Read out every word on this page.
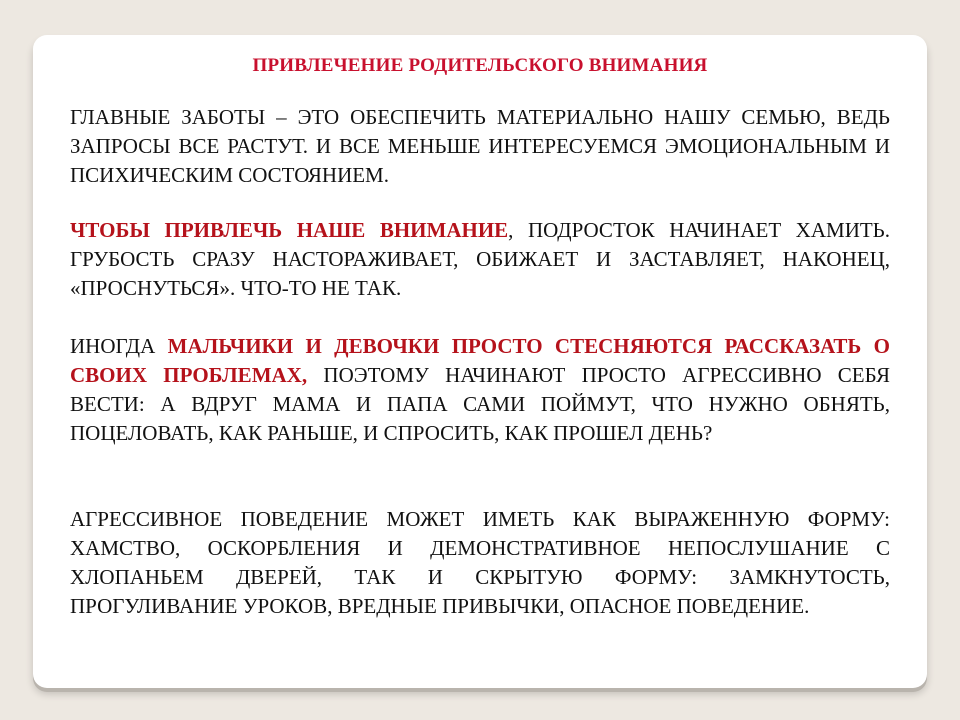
ПРИВЛЕЧЕНИЕ РОДИТЕЛЬСКОГО ВНИМАНИЯ
ГЛАВНЫЕ ЗАБОТЫ – ЭТО ОБЕСПЕЧИТЬ МАТЕРИАЛЬНО НАШУ СЕМЬЮ, ВЕДЬ ЗАПРОСЫ ВСЕ РАСТУТ. И ВСЕ МЕНЬШЕ ИНТЕРЕСУЕМСЯ ЭМОЦИОНАЛЬНЫМ И ПСИХИЧЕСКИМ СОСТОЯНИЕМ.
ЧТОБЫ ПРИВЛЕЧЬ НАШЕ ВНИМАНИЕ, ПОДРОСТОК НАЧИНАЕТ ХАМИТЬ. ГРУБОСТЬ СРАЗУ НАСТОРАЖИВАЕТ, ОБИЖАЕТ И ЗАСТАВЛЯЕТ, НАКОНЕЦ, «ПРОСНУТЬСЯ». ЧТО-ТО НЕ ТАК.
ИНОГДА МАЛЬЧИКИ И ДЕВОЧКИ ПРОСТО СТЕСНЯЮТСЯ РАССКАЗАТЬ О СВОИХ ПРОБЛЕМАХ, ПОЭТОМУ НАЧИНАЮТ ПРОСТО АГРЕССИВНО СЕБЯ ВЕСТИ: А ВДРУГ МАМА И ПАПА САМИ ПОЙМУТ, ЧТО НУЖНО ОБНЯТЬ, ПОЦЕЛОВАТЬ, КАК РАНЬШЕ, И СПРОСИТЬ, КАК ПРОШЕЛ ДЕНЬ?
АГРЕССИВНОЕ ПОВЕДЕНИЕ МОЖЕТ ИМЕТЬ КАК ВЫРАЖЕННУЮ ФОРМУ: ХАМСТВО, ОСКОРБЛЕНИЯ И ДЕМОНСТРАТИВНОЕ НЕПОСЛУШАНИЕ С ХЛОПАНЬЕМ ДВЕРЕЙ, ТАК И СКРЫТУЮ ФОРМУ: ЗАМКНУТОСТЬ, ПРОГУЛИВАНИЕ УРОКОВ, ВРЕДНЫЕ ПРИВЫЧКИ, ОПАСНОЕ ПОВЕДЕНИЕ.
